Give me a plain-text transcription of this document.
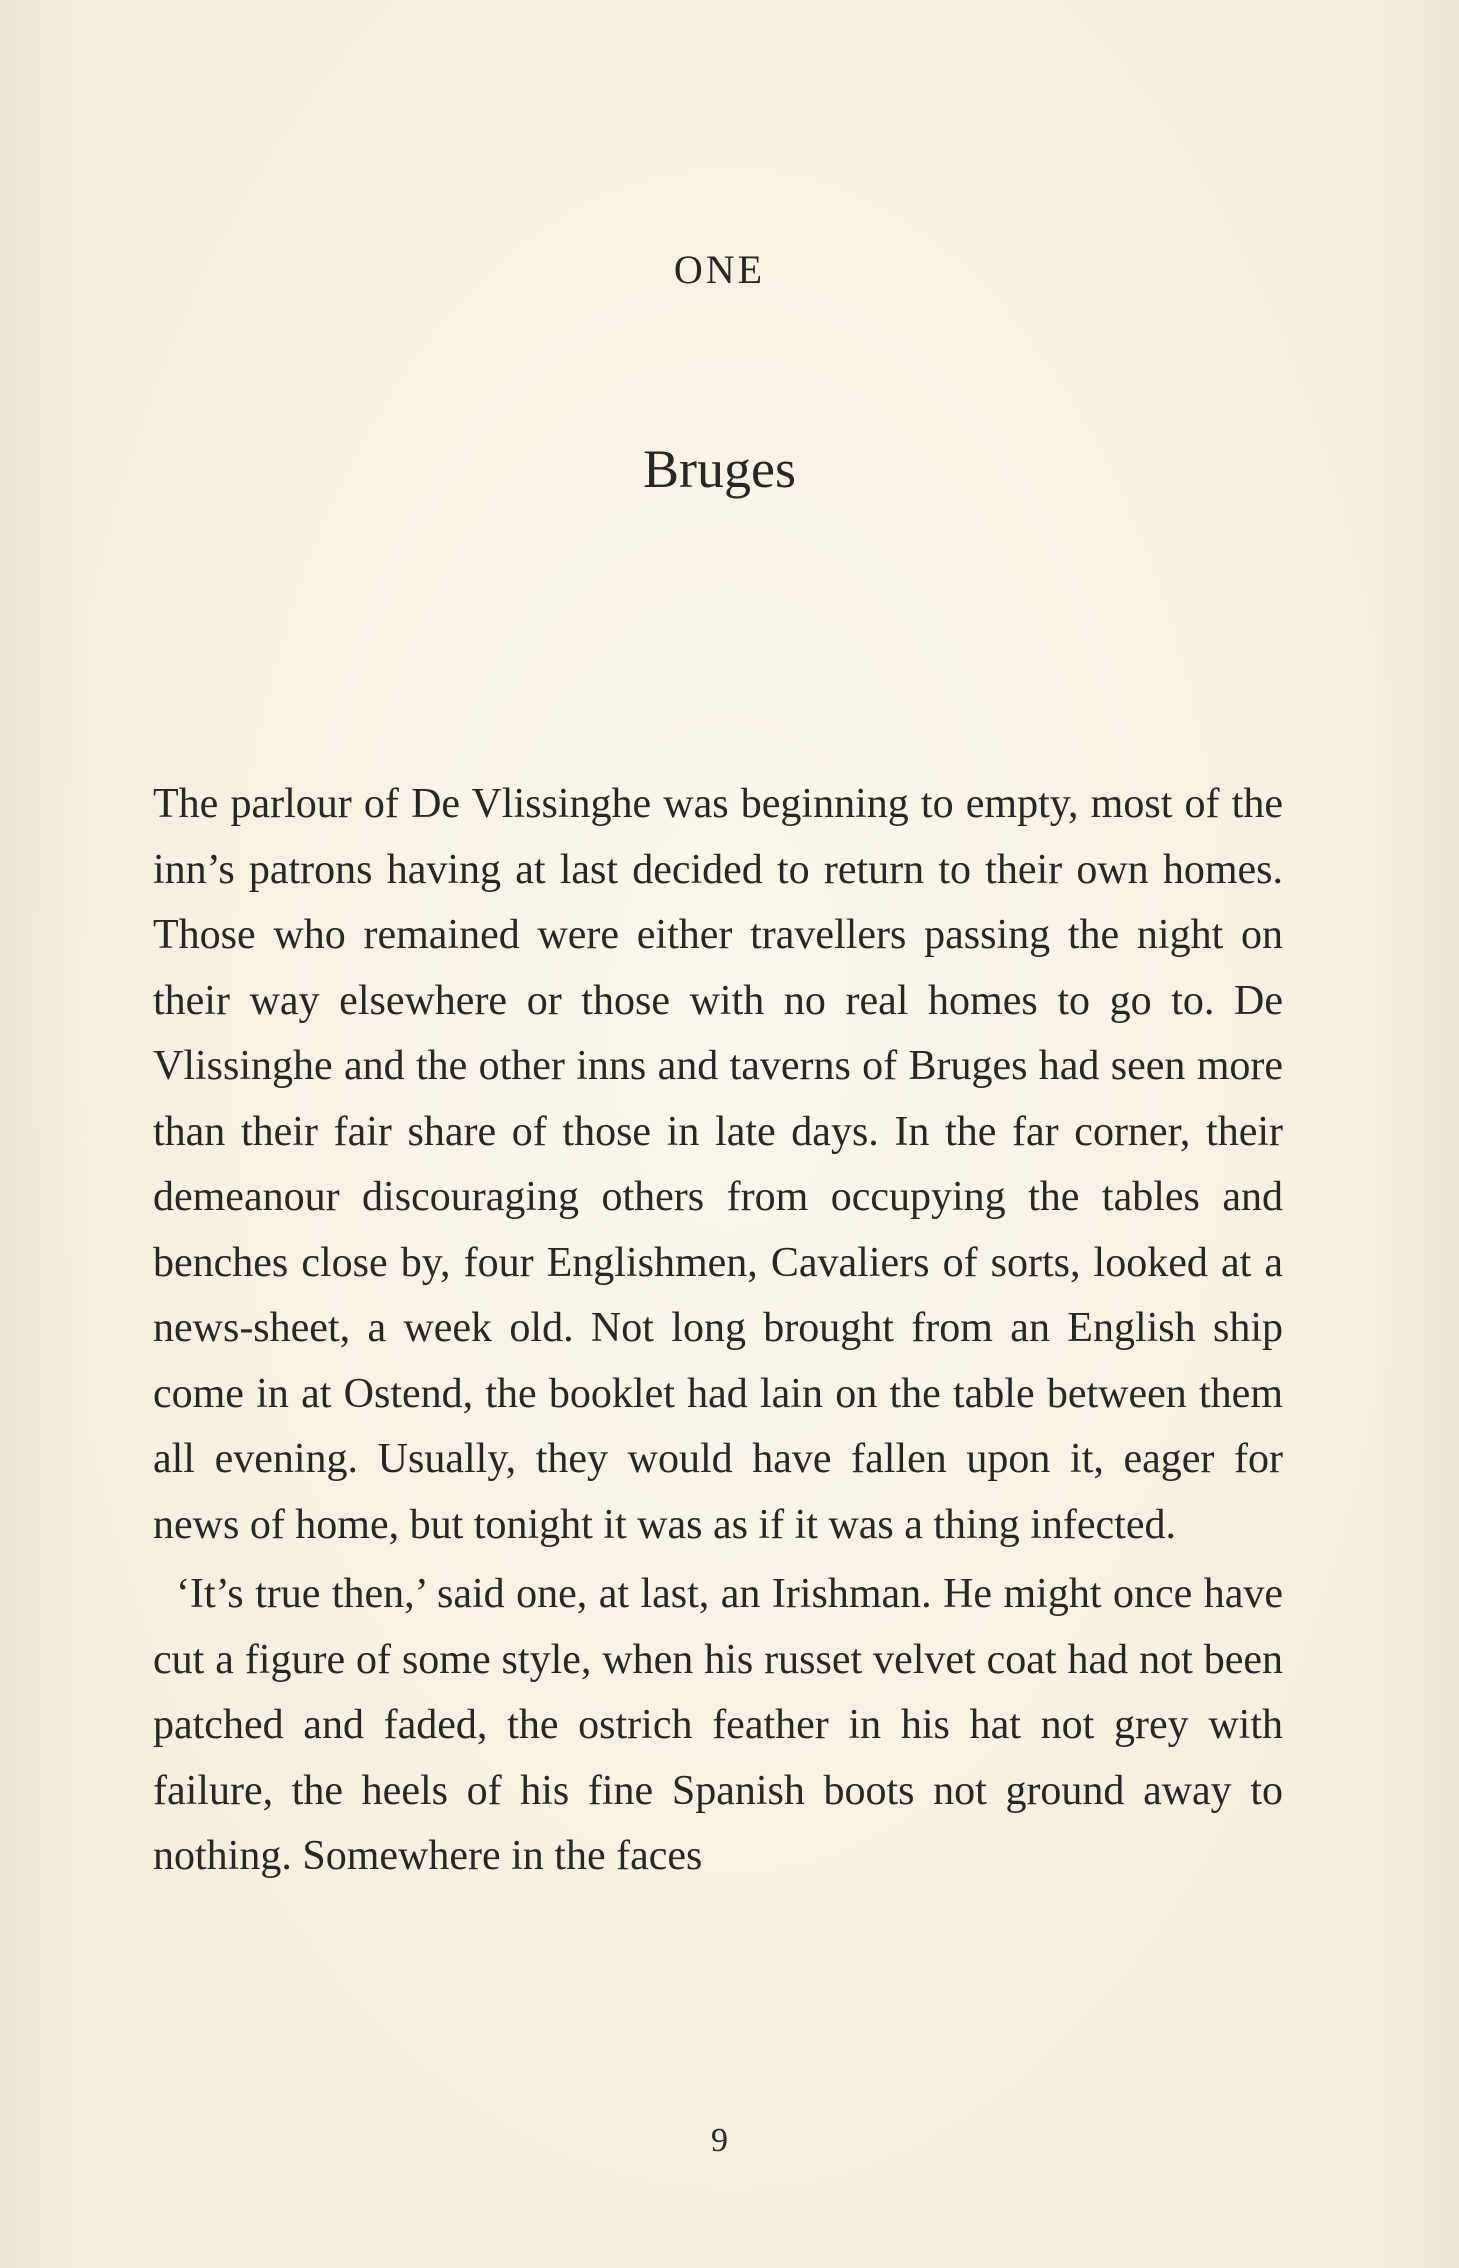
ONE
Bruges

The parlour of De Vlissinghe was beginning to empty, most of the inn’s patrons having at last decided to return to their own homes. Those who remained were either travellers passing the night on their way elsewhere or those with no real homes to go to. De Vlissinghe and the other inns and taverns of Bruges had seen more than their fair share of those in late days. In the far corner, their demeanour discouraging others from occupying the tables and benches close by, four Englishmen, Cavaliers of sorts, looked at a news-sheet, a week old. Not long brought from an English ship come in at Ostend, the booklet had lain on the table between them all evening. Usually, they would have fallen upon it, eager for news of home, but tonight it was as if it was a thing infected.

‘It’s true then,’ said one, at last, an Irishman. He might once have cut a figure of some style, when his russet velvet coat had not been patched and faded, the ostrich feather in his hat not grey with failure, the heels of his fine Spanish boots not ground away to nothing. Somewhere in the faces

9
